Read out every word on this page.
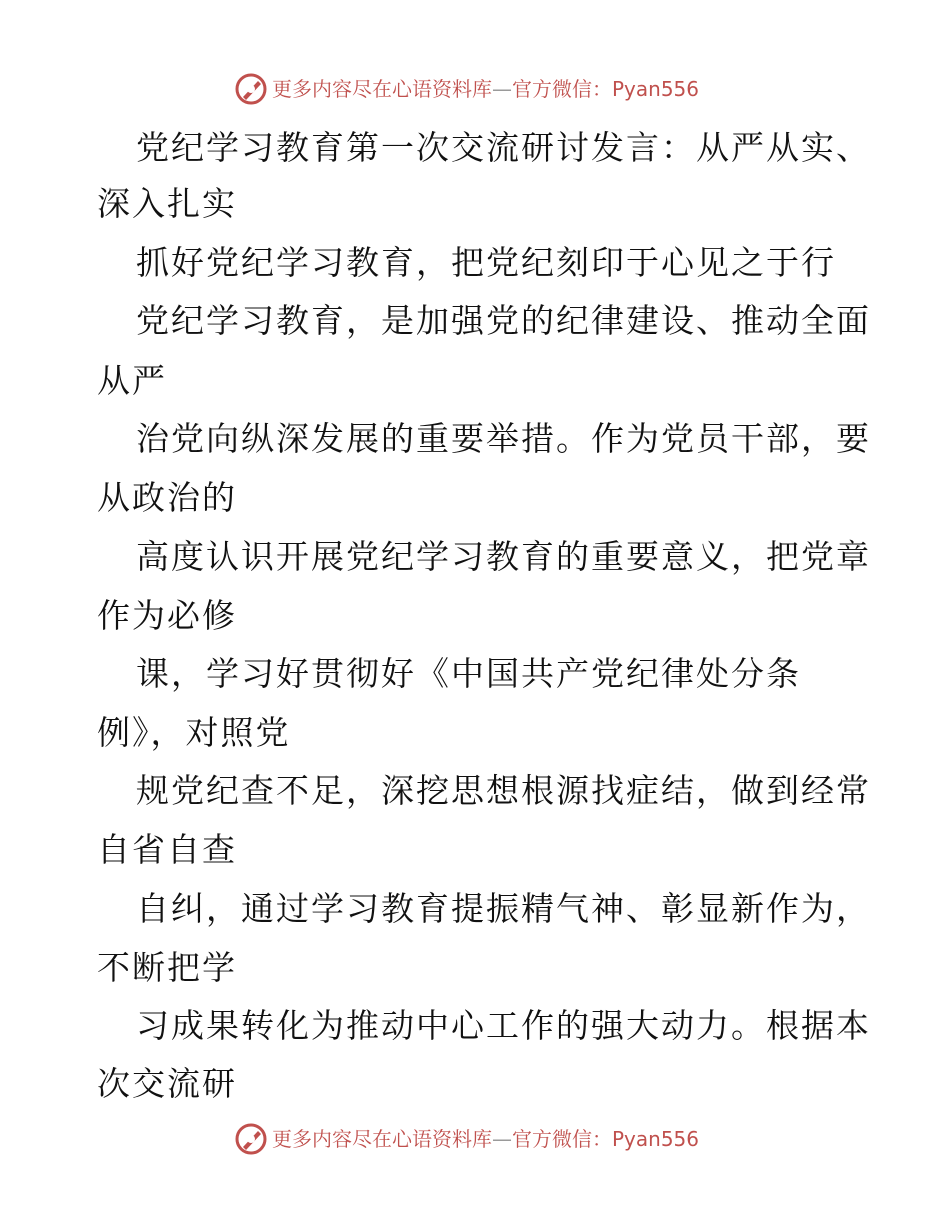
更多内容尽在心语资料库—官方微信：Pyan556
党纪学习教育第一次交流研讨发言：从严从实、
深入扎实
抓好党纪学习教育，把党纪刻印于心见之于行
党纪学习教育，是加强党的纪律建设、推动全面
从严
治党向纵深发展的重要举措。作为党员干部，要
从政治的
高度认识开展党纪学习教育的重要意义，把党章
作为必修
课，学习好贯彻好《中国共产党纪律处分条
例》，对照党
规党纪查不足，深挖思想根源找症结，做到经常
自省自查
自纠，通过学习教育提振精气神、彰显新作为，
不断把学
习成果转化为推动中心工作的强大动力。根据本
次交流研
更多内容尽在心语资料库—官方微信：Pyan556
